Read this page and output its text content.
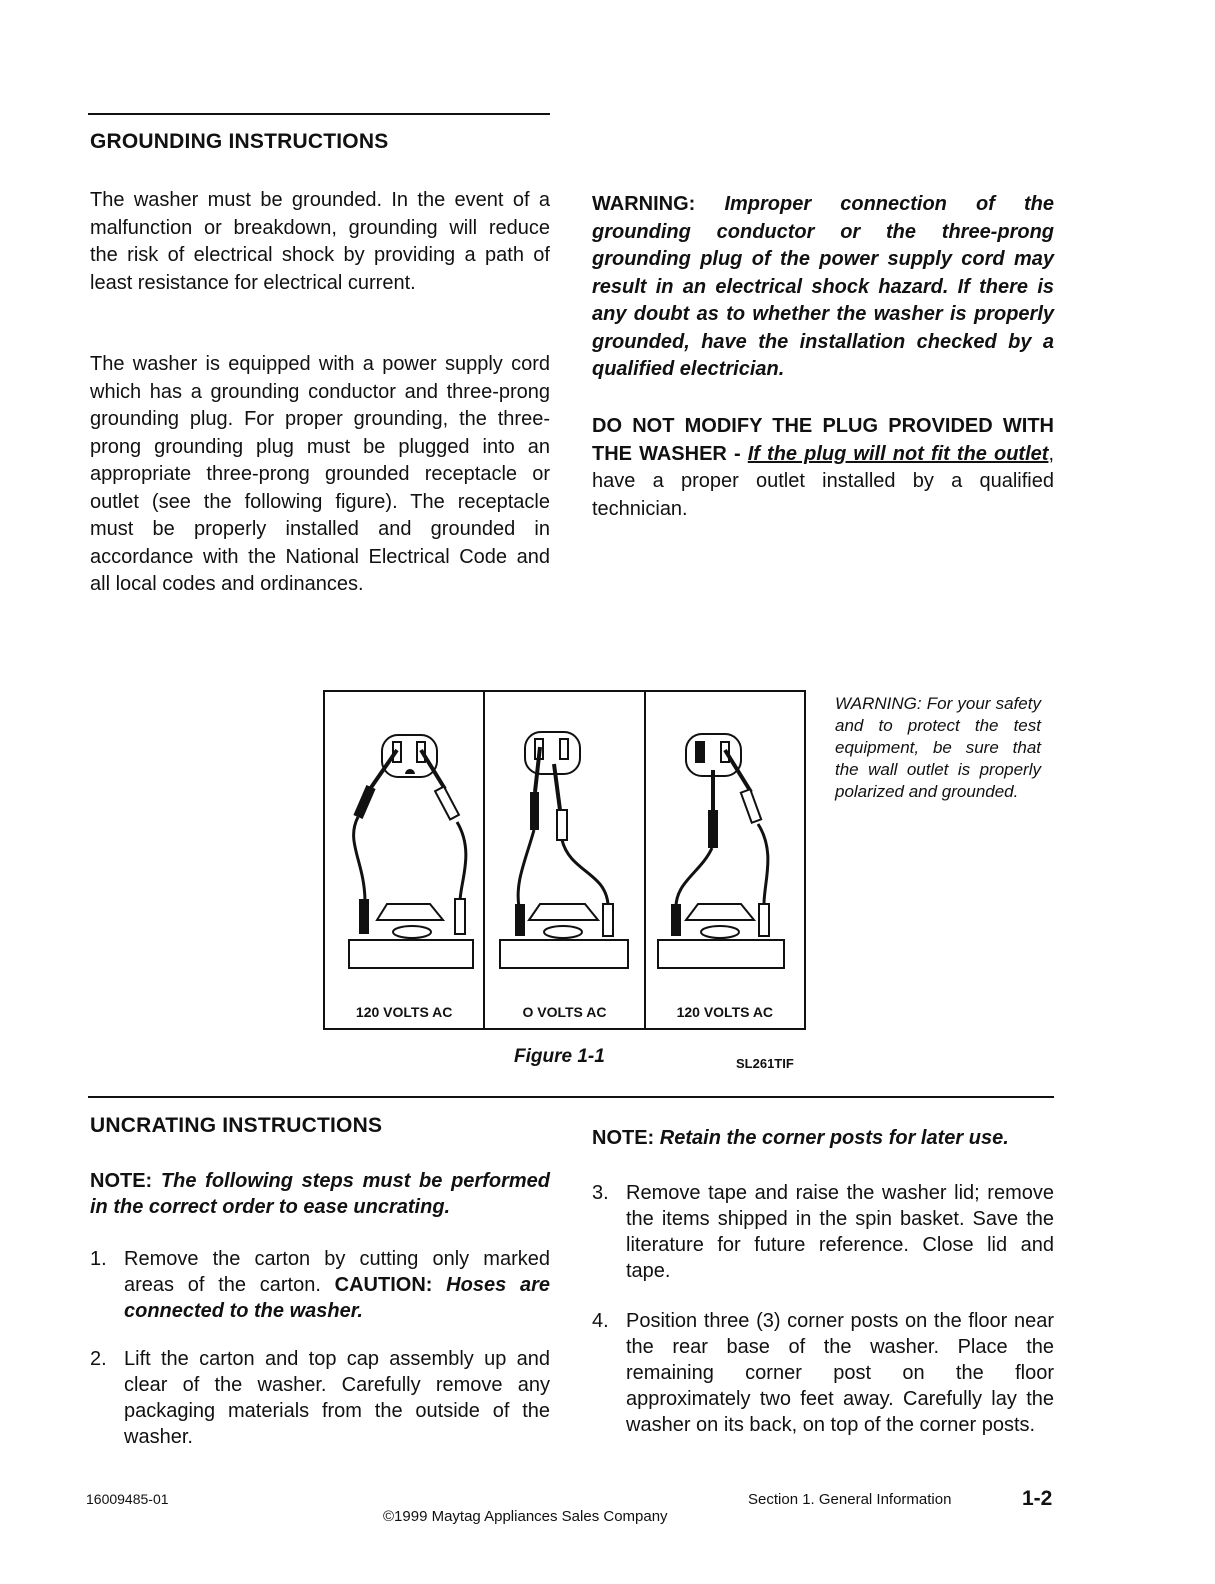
GROUNDING INSTRUCTIONS

The washer must be grounded. In the event of a malfunction or breakdown, grounding will reduce the risk of electrical shock by providing a path of least resistance for electrical current.

The washer is equipped with a power supply cord which has a grounding conductor and three-prong grounding plug. For proper grounding, the three-prong grounding plug must be plugged into an appropriate three-prong grounded receptacle or outlet (see the following figure). The receptacle must be properly installed and grounded in accordance with the National Electrical Code and all local codes and ordinances.

WARNING: Improper connection of the grounding conductor or the three-prong grounding plug of the power supply cord may result in an electrical shock hazard. If there is any doubt as to whether the washer is properly grounded, have the installation checked by a qualified electrician.

DO NOT MODIFY THE PLUG PROVIDED WITH THE WASHER - If the plug will not fit the outlet, have a proper outlet installed by a qualified technician.

120 VOLTS AC	O VOLTS AC	120 VOLTS AC
WARNING: For your safety and to protect the test equipment, be sure that the wall outlet is properly polarized and grounded.
Figure 1-1	SL261TIF
UNCRATING INSTRUCTIONS

NOTE: The following steps must be performed in the correct order to ease uncrating.

1. Remove the carton by cutting only marked areas of the carton. CAUTION: Hoses are connected to the washer.
2. Lift the carton and top cap assembly up and clear of the washer. Carefully remove any packaging materials from the outside of the washer.

NOTE: Retain the corner posts for later use.

3. Remove tape and raise the washer lid; remove the items shipped in the spin basket. Save the literature for future reference. Close lid and tape.
4. Position three (3) corner posts on the floor near the rear base of the washer. Place the remaining corner post on the floor approximately two feet away. Carefully lay the washer on its back, on top of the corner posts.
16009485-01
©1999 Maytag Appliances Sales Company
Section 1. General Information	1-2
